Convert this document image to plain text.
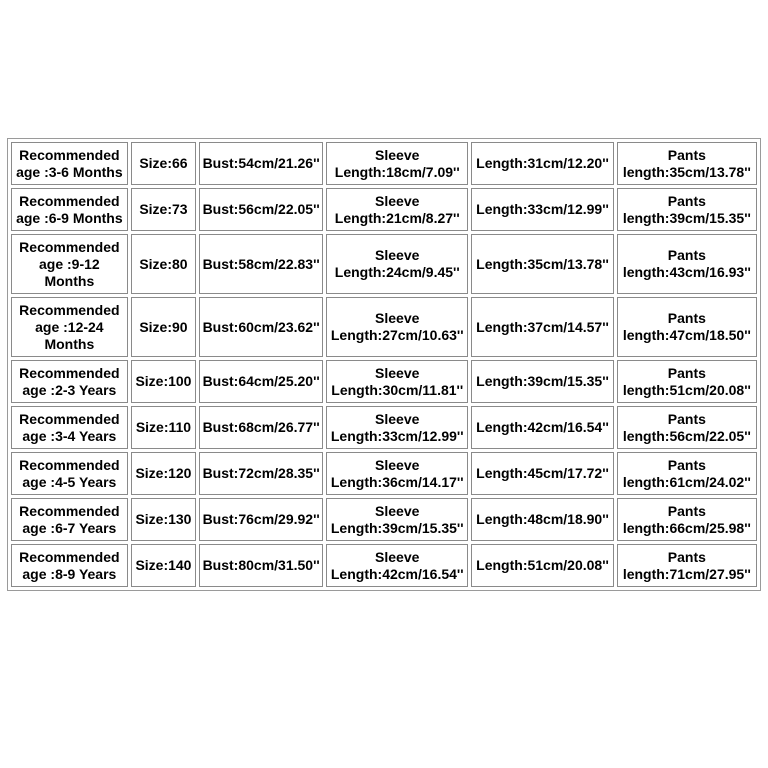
Recommended age :3-6 Months	Size:66	Bust:54cm/21.26''	Sleeve Length:18cm/7.09''	Length:31cm/12.20''	Pants length:35cm/13.78''
Recommended age :6-9 Months	Size:73	Bust:56cm/22.05''	Sleeve Length:21cm/8.27''	Length:33cm/12.99''	Pants length:39cm/15.35''
Recommended age :9-12 Months	Size:80	Bust:58cm/22.83''	Sleeve Length:24cm/9.45''	Length:35cm/13.78''	Pants length:43cm/16.93''
Recommended age :12-24 Months	Size:90	Bust:60cm/23.62''	Sleeve Length:27cm/10.63''	Length:37cm/14.57''	Pants length:47cm/18.50''
Recommended age :2-3 Years	Size:100	Bust:64cm/25.20''	Sleeve Length:30cm/11.81''	Length:39cm/15.35''	Pants length:51cm/20.08''
Recommended age :3-4 Years	Size:110	Bust:68cm/26.77''	Sleeve Length:33cm/12.99''	Length:42cm/16.54''	Pants length:56cm/22.05''
Recommended age :4-5 Years	Size:120	Bust:72cm/28.35''	Sleeve Length:36cm/14.17''	Length:45cm/17.72''	Pants length:61cm/24.02''
Recommended age :6-7 Years	Size:130	Bust:76cm/29.92''	Sleeve Length:39cm/15.35''	Length:48cm/18.90''	Pants length:66cm/25.98''
Recommended age :8-9 Years	Size:140	Bust:80cm/31.50''	Sleeve Length:42cm/16.54''	Length:51cm/20.08''	Pants length:71cm/27.95''
